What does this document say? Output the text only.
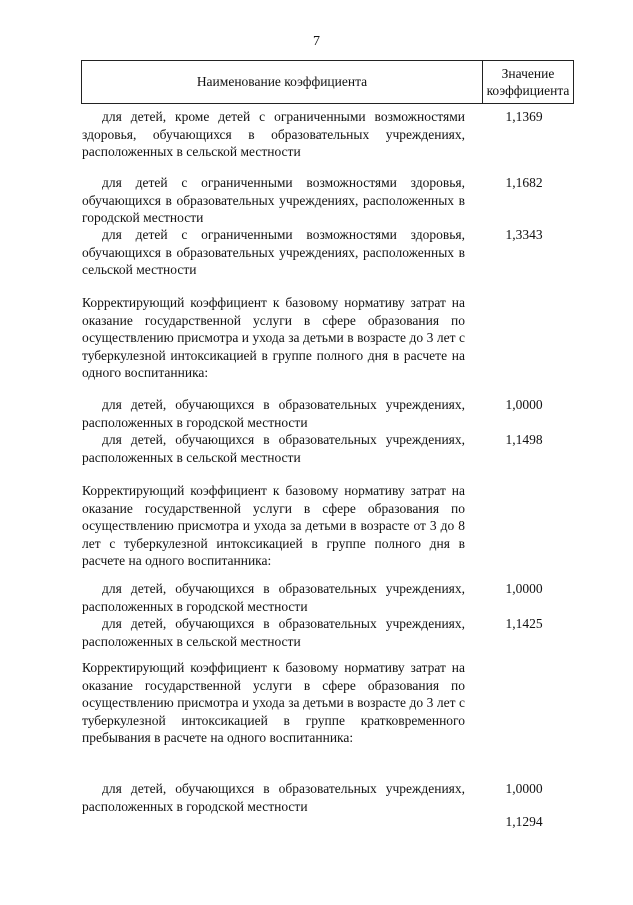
7
Наименование коэффициента
Значение коэффициента
для детей, кроме детей с ограниченными возможностями здоровья, обучающихся в образовательных учреждениях, расположенных в сельской местности
1,1369
для детей с ограниченными возможностями здоровья, обучающихся в образовательных учреждениях, расположенных в городской местности
1,1682
для детей с ограниченными возможностями здоровья, обучающихся в образовательных учреждениях, расположенных в сельской местности
1,3343
Корректирующий коэффициент к базовому нормативу затрат на оказание государственной услуги в сфере образования по осуществлению присмотра и ухода за детьми в возрасте до 3 лет с туберкулезной интоксикацией в группе полного дня в расчете на одного воспитанника:
для детей, обучающихся в образовательных учреждениях, расположенных в городской местности
1,0000
для детей, обучающихся в образовательных учреждениях, расположенных в сельской местности
1,1498
Корректирующий коэффициент к базовому нормативу затрат на оказание государственной услуги в сфере образования по осуществлению присмотра и ухода за детьми в возрасте от 3 до 8 лет с туберкулезной интоксикацией в группе полного дня в расчете на одного воспитанника:
для детей, обучающихся в образовательных учреждениях, расположенных в городской местности
1,0000
для детей, обучающихся в образовательных учреждениях, расположенных в сельской местности
1,1425
Корректирующий коэффициент к базовому нормативу затрат на оказание государственной услуги в сфере образования по осуществлению присмотра и ухода за детьми в возрасте до 3 лет с туберкулезной интоксикацией в группе кратковременного пребывания в расчете на одного воспитанника:
для детей, обучающихся в образовательных учреждениях, расположенных в городской местности
1,0000
1,1294
